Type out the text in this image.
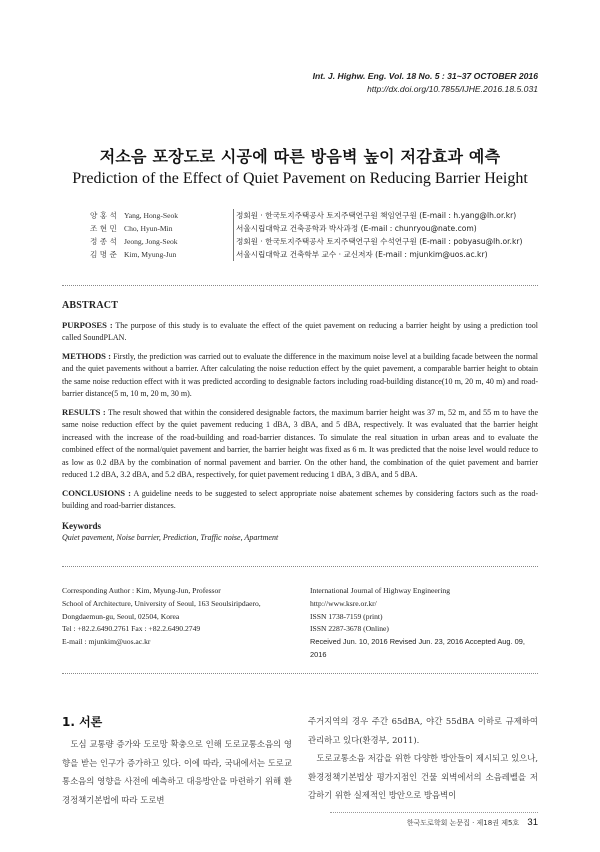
Int. J. Highw. Eng. Vol. 18 No. 5 : 31~37 OCTOBER 2016
http://dx.doi.org/10.7855/IJHE.2016.18.5.031
저소음 포장도로 시공에 따른 방음벽 높이 저감효과 예측
Prediction of the Effect of Quiet Pavement on Reducing Barrier Height
양 홍 석 Yang, Hong-Seok	정회원 · 한국토지주택공사 토지주택연구원 책임연구원 (E-mail : h.yang@lh.or.kr)
조 현 민 Cho, Hyun-Min	서울시립대학교 건축공학과 박사과정 (E-mail : chunryou@nate.com)
정 종 석 Jeong, Jong-Seok	정회원 · 한국토지주택공사 토지주택연구원 수석연구원 (E-mail : pobyasu@lh.or.kr)
김 명 준 Kim, Myung-Jun	서울시립대학교 건축학부 교수 · 교신저자 (E-mail : mjunkim@uos.ac.kr)
ABSTRACT

PURPOSES : The purpose of this study is to evaluate the effect of the quiet pavement on reducing a barrier height by using a prediction tool called SoundPLAN.

METHODS : Firstly, the prediction was carried out to evaluate the difference in the maximum noise level at a building facade between the normal and the quiet pavements without a barrier. After calculating the noise reduction effect by the quiet pavement, a comparable barrier height to obtain the same noise reduction effect with it was predicted according to designable factors including road-building distance(10 m, 20 m, 40 m) and road-barrier distance(5 m, 10 m, 20 m, 30 m).

RESULTS : The result showed that within the considered designable factors, the maximum barrier height was 37 m, 52 m, and 55 m to have the same noise reduction effect by the quiet pavement reducing 1 dBA, 3 dBA, and 5 dBA, respectively. It was evaluated that the barrier height increased with the increase of the road-building and road-barrier distances. To simulate the real situation in urban areas and to evaluate the combined effect of the normal/quiet pavement and barrier, the barrier height was fixed as 6 m. It was predicted that the noise level would reduce to as low as 0.2 dBA by the combination of normal pavement and barrier. On the other hand, the combination of the quiet pavement and barrier reduced 1.2 dBA, 3.2 dBA, and 5.2 dBA, respectively, for quiet pavement reducing 1 dBA, 3 dBA, and 5 dBA.

CONCLUSIONS : A guideline needs to be suggested to select appropriate noise abatement schemes by considering factors such as the road-building and road-barrier distances.

Keywords
Quiet pavement, Noise barrier, Prediction, Traffic noise, Apartment
Corresponding Author : Kim, Myung-Jun, Professor
School of Architecture, University of Seoul, 163 Seoulsiripdaero,
Dongdaemun-gu, Seoul, 02504, Korea
Tel : +82.2.6490.2761 Fax : +82.2.6490.2749
E-mail : mjunkim@uos.ac.kr
International Journal of Highway Engineering
http://www.ksre.or.kr/
ISSN 1738-7159 (print)
ISSN 2287-3678 (Online)
Received Jun. 10, 2016 Revised Jun. 23, 2016 Accepted Aug. 09, 2016
1. 서론

도심 교통량 증가와 도로망 확충으로 인해 도로교통소음의 영향을 받는 인구가 증가하고 있다. 이에 따라, 국내에서는 도로교통소음의 영향을 사전에 예측하고 대응방안을 마련하기 위해 환경정책기본법에 따라 도로변

주거지역의 경우 주간 65dBA, 야간 55dBA 이하로 규제하여 관리하고 있다(환경부, 2011).

도로교통소음 저감을 위한 다양한 방안들이 제시되고 있으나, 환경정책기본법상 평가지점인 건물 외벽에서의 소음레벨을 저감하기 위한 실제적인 방안으로 방음벽이

한국도로학회 논문집 · 제18권 제5호 31
